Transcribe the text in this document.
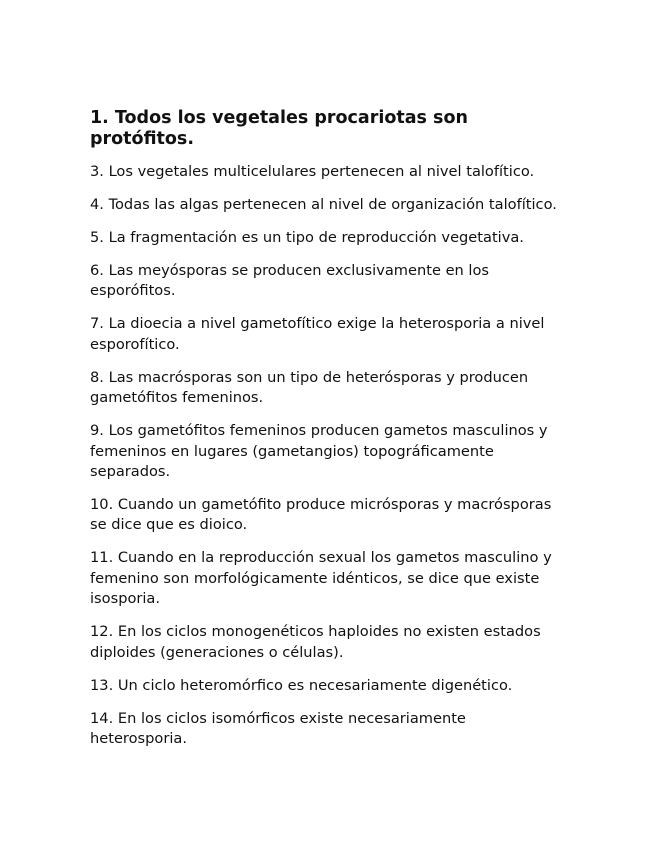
1. Todos los vegetales procariotas son protófitos.
3. Los vegetales multicelulares pertenecen al nivel talofítico.
4. Todas las algas pertenecen al nivel de organización talofítico.
5. La fragmentación es un tipo de reproducción vegetativa.
6. Las meyósporas se producen exclusivamente en los esporófitos.
7. La dioecia a nivel gametofítico exige la heterosporia a nivel esporofítico.
8. Las macrósporas son un tipo de heterósporas y producen gametófitos femeninos.
9. Los gametófitos femeninos producen gametos masculinos y femeninos en lugares (gametangios) topográficamente separados.
10. Cuando un gametófito produce micrósporas y macrósporas se dice que es dioico.
11. Cuando en la reproducción sexual los gametos masculino y femenino son morfológicamente idénticos, se dice que existe isosporia.
12. En los ciclos monogenéticos haploides no existen estados diploides (generaciones o células).
13. Un ciclo heteromórfico es necesariamente digenético.
14. En los ciclos isomórficos existe necesariamente heterosporia.
